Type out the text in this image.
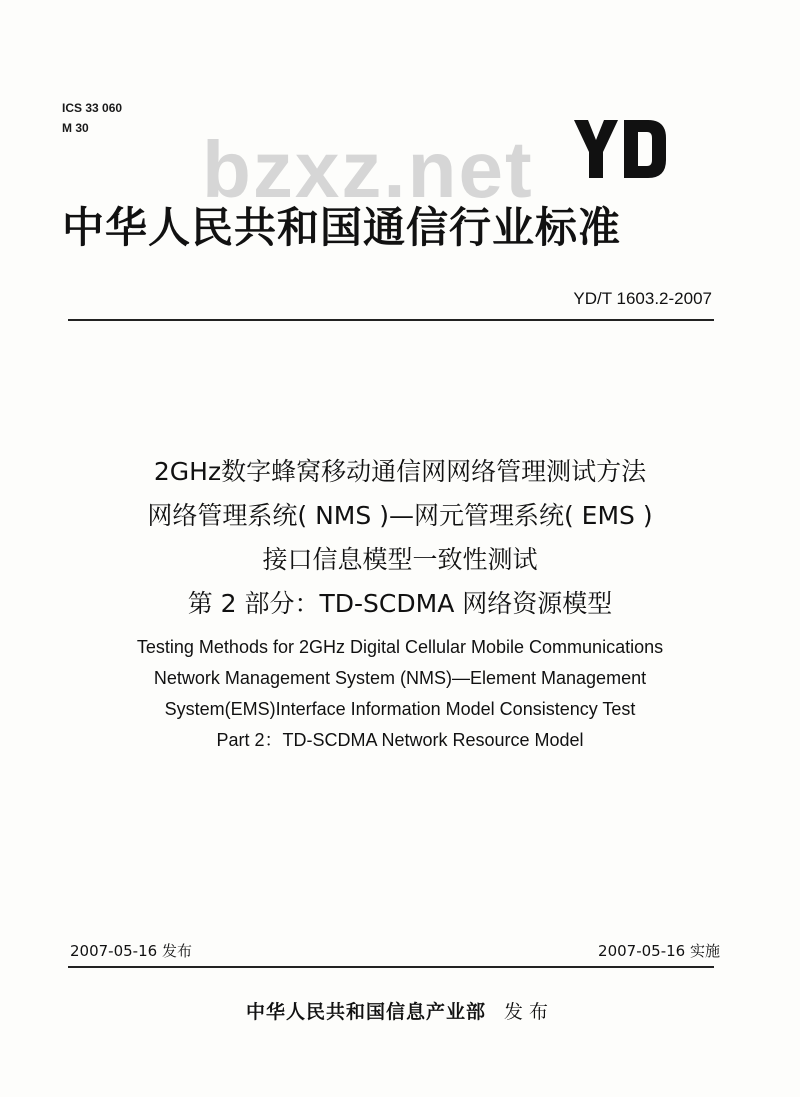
ICS 33 060
M 30	bzxz.net
中华人民共和国通信行业标准
YD/T 1603.2-2007
2GHz数字蜂窝移动通信网网络管理测试方法
网络管理系统( NMS )—网元管理系统( EMS )
接口信息模型一致性测试
第 2 部分：TD-SCDMA 网络资源模型
Testing Methods for 2GHz Digital Cellular Mobile Communications
Network Management System (NMS)—Element Management
System(EMS)Interface Information Model Consistency Test
Part 2：TD-SCDMA Network Resource Model
2007-05-16 发布	2007-05-16 实施
中华人民共和国信息产业部 发布
